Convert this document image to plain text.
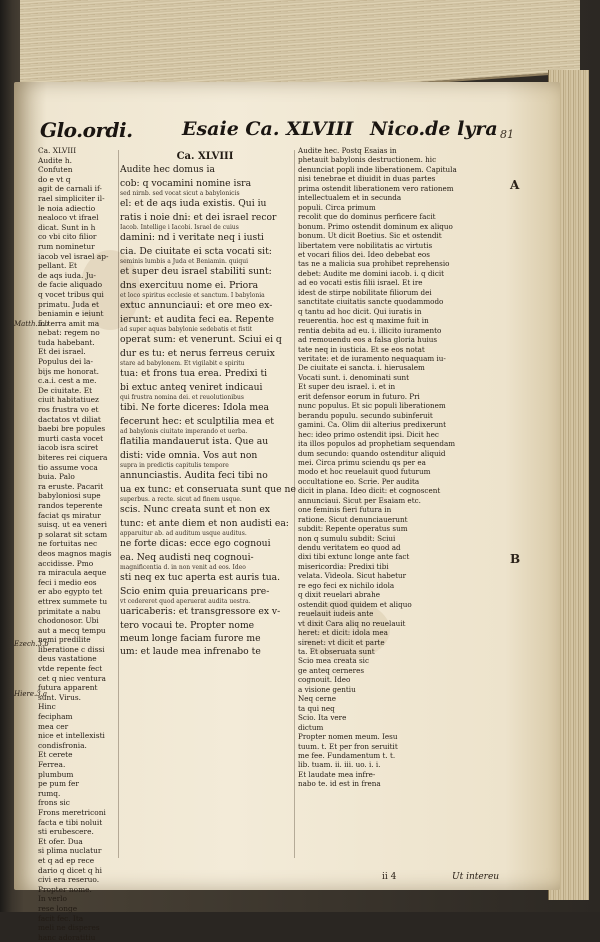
Glo.ordi.	Esaie Ca. XLVIII Nico.de lyra 81
Ca. XLVIII
Audite h.
Confuten
do e vt q
agit de carnali if-
rael simpliciter il-
le noia adiectio
nealoco vt ifrael
dicat. Sunt in h
co vbi cito filior
rum nominetur
iacob vel israel ap-
pellant. Et
de aqs iuda. Ju-
de facie aliquado
q vocet tribus qui
primatu. Juda et
beniamin e ieiunt
in terra amit ma
nebat: regem no
tuda habebant.
Et dei israel.
Populus dei la-
bijs me honorat.
c.a.i. cest a me.
De ciuitate. Et
ciuit habitatiuez
ros frustra vo et
dactatos vt diliat
baebi bre popules
murti casta vocet
iacob isra sciret
biteres rei ciquera
tio assume voca
buia. Palo
ra eruste. Pacarit
babyloniosi supe
randos teperente
faciat qs miratur
suisq. ut ea veneri
p solarat sit sctam
ne fortuitas nec
deos magnos magis
accidisse. Pmo
ra miracula aeque
feci i medio eos
er abo egypto tet
ettrex summete tu
primitate a nabu
chodonosor. Ubi
aut a mecq tempu
nemi predilite
liberatione c dissi
deus vastatione
vtde repente fect
cet q niec ventura
futura apparent
sunt. Virus.
Hinc
fecipham
mea cer
nice et intellexisti
condisfronia.
Et cerete
Ferrea.
plumbum
pe pum fer
rumq.
frons sic
Frons meretriconi
facta e tibi noluit
sti erubescere.
Et ofer. Dua
si plima nuclatur
et q ad ep rece
dario q dicet q hi
civi era reseruo.
Propter nome.
In verlo
rese longe
facit fec. Ita
meli ne disperes
hanc adoratitiu
Ca. XLVIII
Audite hec domus ia
cob: q vocamini nomine isra
sed nirnb. sed vocat sicut a babylonicis
el: et de aqs iuda existis. Qui iu
ratis i noie dni: et dei israel recor
Iacob. Intellige i Iacobi. Israel de cuius
damini: nd i veritate neq i iusti
cia. De ciuitate ei scta vocati sit:
seminis lumbis a Juda et Beniamin. quiqui
et super deu israel stabiliti sunt:
dns exercituu nome ei. Priora
et loco spiritus ecclesie et sanctum. I babylonia
extuc annunciaui: et ore meo ex-
ierunt: et audita feci ea. Repente
ad super aquas babylonie sedebatis et fistit
operat sum: et venerunt. Sciui ei q
dur es tu: et nerus ferreus ceruix
stare ad babylonem. Et vigilabit e spiritu
tua: et frons tua erea. Predixi ti
bi extuc anteq veniret indicaui
qui frustra nomina dei. et reuolutionibus
tibi. Ne forte diceres: Idola mea
fecerunt hec: et sculptilia mea et
ad babylonis ciuitate imperando et uerba.
flatilia mandauerut ista. Que au
disti: vide omnia. Vos aut non
supra in predictis capitulis tempore
annunciastis. Audita feci tibi no
ua ex tunc: et conseruata sunt que ne
superbus. a recte. sicut ad finem usque.
scis. Nunc creata sunt et non ex
tunc: et ante diem et non audisti ea:
apparuitur ab. ad auditum usque auditus.
ne forte dicas: ecce ego cognoui
ea. Neq audisti neq cognoui-
magnificentia d. in non venit ad eos. Ideo
sti neq ex tuc aperta est auris tua.
Scio enim quia preuaricans pre-
vt cedereret quod aperuerat audita uestra.
uaricaberis: et transgressore ex v-
tero vocaui te. Propter nome
meum longe faciam furore me
um: et laude mea infrenabo te
Audite hec. Postq Esaias in
phetauit babylonis destructionem. hic
denunciat popli inde liberationem. Capitula
nisi tenebrae et diuidit in duas partes
prima ostendit liberationem vero rationem
intellectualem et in secunda
populi. Circa primum
recolit que do dominus perficere facit
bonum. Primo ostendit dominum ex aliquo
bonum. Ut dicit Boetius. Sic et ostendit
libertatem vere nobilitatis ac virtutis
et vocari filios dei. Ideo debebat eos
tas ne a malicia sua prohibet reprehensio
debet: Audite me domini iacob. i. q dicit
ad eo vocati estis filii israel. Et ire
idest de stirpe nobilitate filiorum dei
sanctitate ciuitatis sancte quodammodo
q tantu ad hoc dicit. Qui iuratis in
reuerentia. hoc est q maxime fuit in
rentia debita ad eu. i. illicito iuramento
ad remouendu eos a falsa gloria huius
tate neq in iusticia. Et se eos notat
veritate: et de iuramento nequaquam iu-
De ciuitate ei sancta. i. hierusalem
Vocati sunt. i. denominati sunt
Et super deu israel. i. et in
erit defensor eorum in futuro. Pri
nunc populus. Et sic populi liberationem
berandu populu. secundo subinferuit
gamini. Ca. Olim dii alterius predixerunt
hec: ideo primo ostendit ipsi. Dicit hec
ita illos populos ad prophetiam sequendam
dum secundo: quando ostenditur aliquid
mei. Circa primu sciendu qs per ea
modo et hoc reuelauit quod futurum
occultatione eo. Scrie. Per audita
dicit in plana. Ideo dicit: et cognoscent
annunciaui. Sicut per Esaiam etc.
one feminis fieri futura in
ratione. Sicut denunciauerunt
subdit: Repente operatus sum
non q sumulu subdit: Sciui
dendu veritatem eo quod ad
dixi tibi extunc longe ante fact
misericordia: Predixi tibi
velata. Videola. Sicut habetur
re ego feci ex nichilo idola
q dixit reuelari abrahe
ostendit quod quidem et aliquo
reuelauit iudeis ante
vt dixit Cara aliq no reuelauit
heret: et dicit: idola mea
sirenet: vt dicit et parte
ta. Et obseruata sunt
Scio mea creata sic
ge anteq cerneres
cognouit. Ideo
a visione gentiu
Neq cerne
ta qui neq
Scio. Ita vere
dictum
Propter nomen meum. Iesu
tuum. t. Et per fron seruitit
me fee. Fundamentum t. t.
lib. tuam. ii. iii. uo. i. i.
Et laudate mea infre-
nabo te. id est in frena
Matth.5.b
Ezech.3.b
Hiere.3.a
A
B
ii 4	Ut intereu
